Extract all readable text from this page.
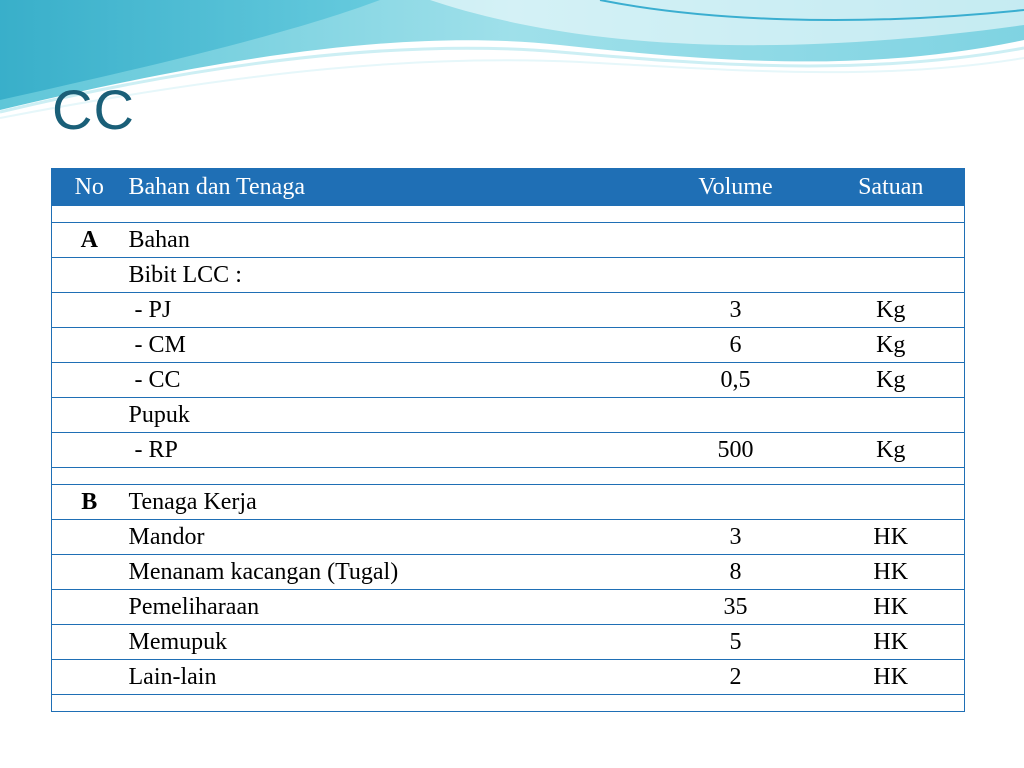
CC
No	Bahan dan Tenaga	Volume	Satuan

A	Bahan		
	Bibit LCC :		
	- PJ	3	Kg
	- CM	6	Kg
	- CC	0,5	Kg
	Pupuk		
	- RP	500	Kg

B	Tenaga Kerja		
	Mandor	3	HK
	Menanam kacangan (Tugal)	8	HK
	Pemeliharaan	35	HK
	Memupuk	5	HK
	Lain-lain	2	HK
